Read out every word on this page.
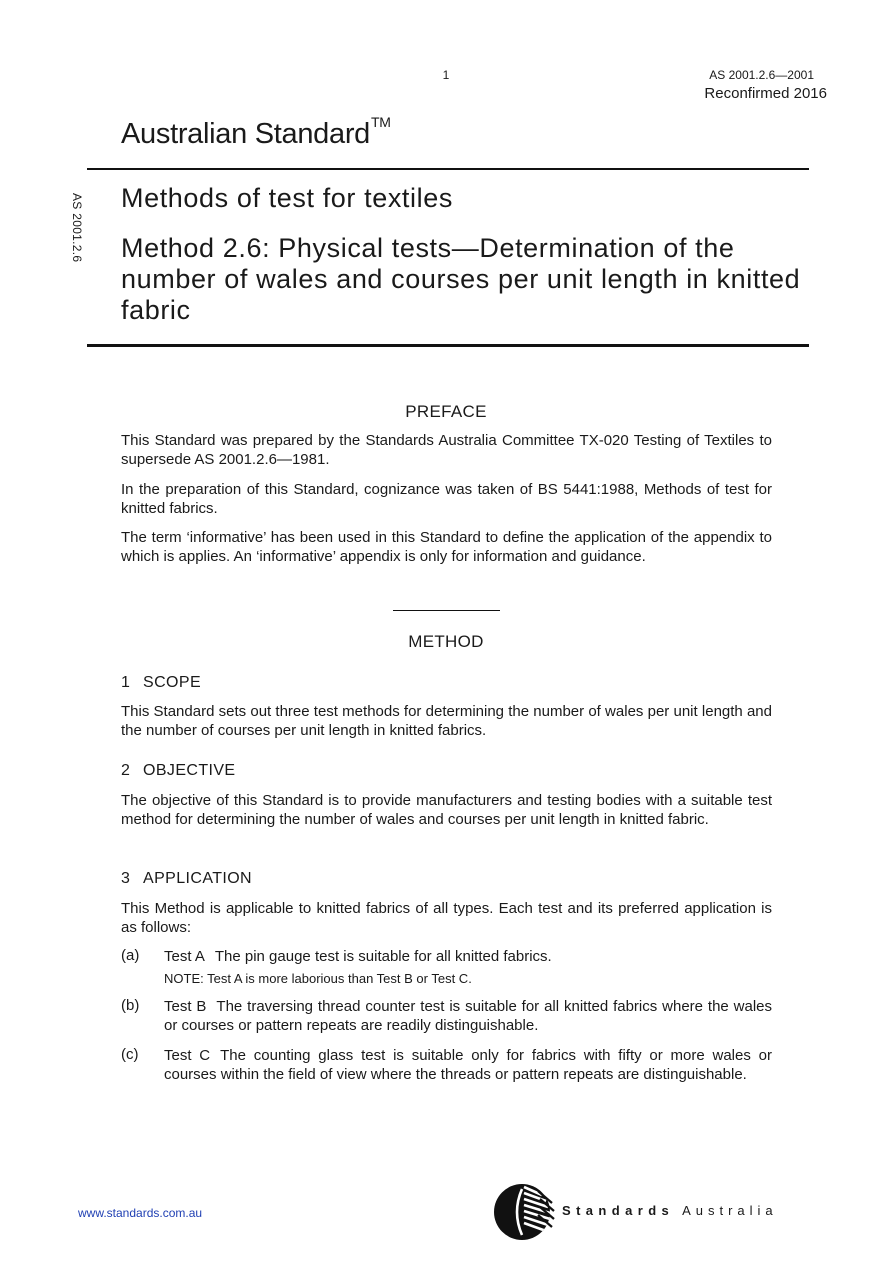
1	AS 2001.2.6—2001
Reconfirmed 2016
Australian Standard™
AS 2001.2.6 Methods of test for textiles
Method 2.6: Physical tests—Determination of the number of wales and courses per unit length in knitted fabric
PREFACE
This Standard was prepared by the Standards Australia Committee TX-020 Testing of Textiles to supersede AS 2001.2.6—1981.
In the preparation of this Standard, cognizance was taken of BS 5441:1988, Methods of test for knitted fabrics.
The term ‘informative’ has been used in this Standard to define the application of the appendix to which is applies. An ‘informative’ appendix is only for information and guidance.
METHOD
1 SCOPE
This Standard sets out three test methods for determining the number of wales per unit length and the number of courses per unit length in knitted fabrics.
2 OBJECTIVE
The objective of this Standard is to provide manufacturers and testing bodies with a suitable test method for determining the number of wales and courses per unit length in knitted fabric.
3 APPLICATION
This Method is applicable to knitted fabrics of all types. Each test and its preferred application is as follows:
(a) Test A The pin gauge test is suitable for all knitted fabrics.
NOTE: Test A is more laborious than Test B or Test C.
(b) Test B The traversing thread counter test is suitable for all knitted fabrics where the wales or courses or pattern repeats are readily distinguishable.
(c) Test C The counting glass test is suitable only for fabrics with fifty or more wales or courses within the field of view where the threads or pattern repeats are distinguishable.
www.standards.com.au	Standards Australia
